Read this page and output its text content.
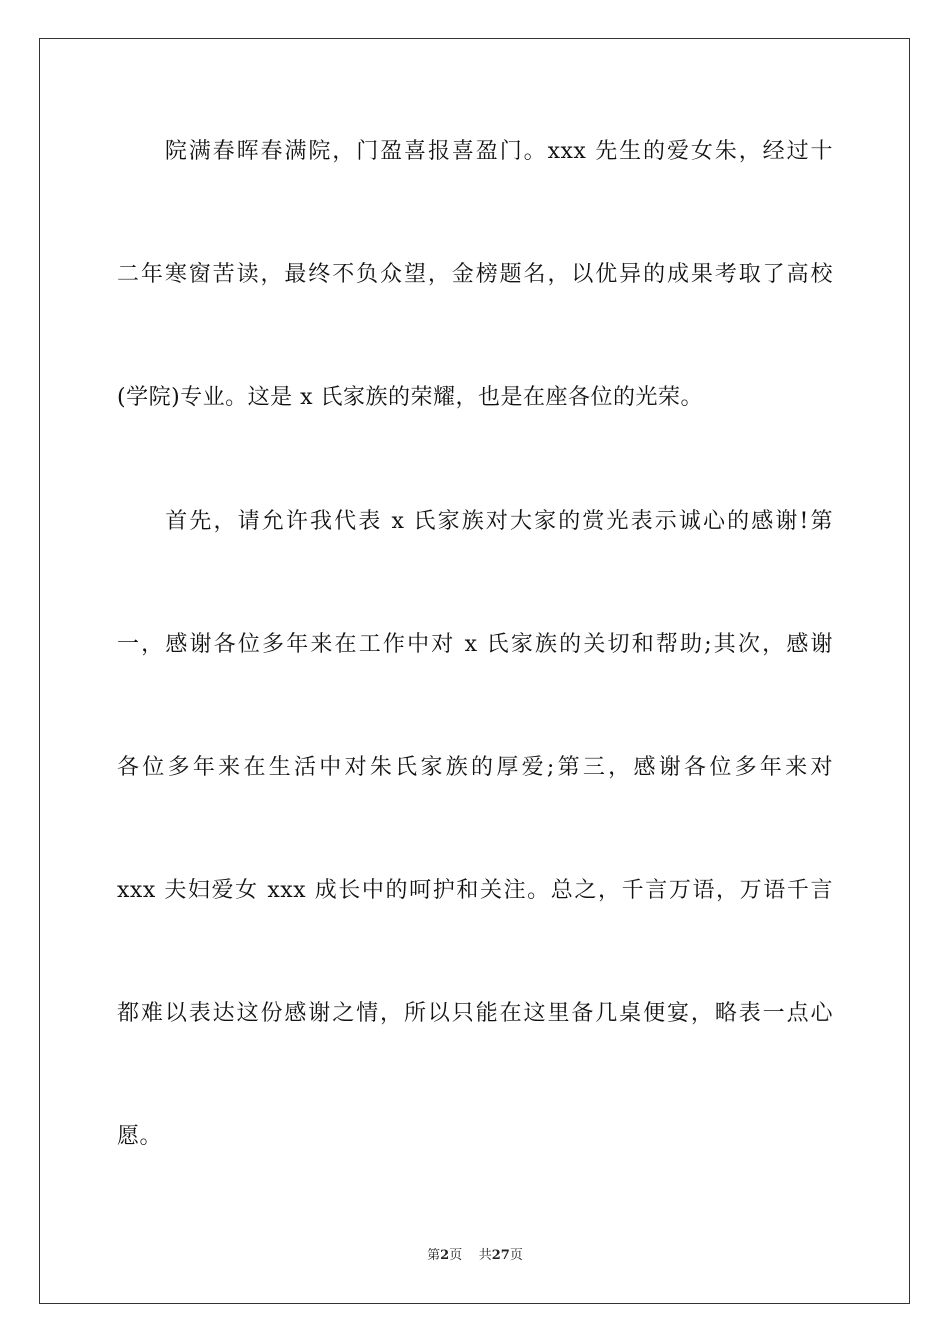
　　院满春晖春满院，门盈喜报喜盈门。xxx 先生的爱女朱，经过十
二年寒窗苦读，最终不负众望，金榜题名，以优异的成果考取了高校
(学院)专业。这是 x 氏家族的荣耀，也是在座各位的光荣。
　　首先，请允许我代表 x 氏家族对大家的赏光表示诚心的感谢!第
一，感谢各位多年来在工作中对 x 氏家族的关切和帮助;其次，感谢
各位多年来在生活中对朱氏家族的厚爱;第三，感谢各位多年来对
xxx 夫妇爱女 xxx 成长中的呵护和关注。总之，千言万语，万语千言
都难以表达这份感谢之情，所以只能在这里备几桌便宴，略表一点心
愿。
第2页 共27页
